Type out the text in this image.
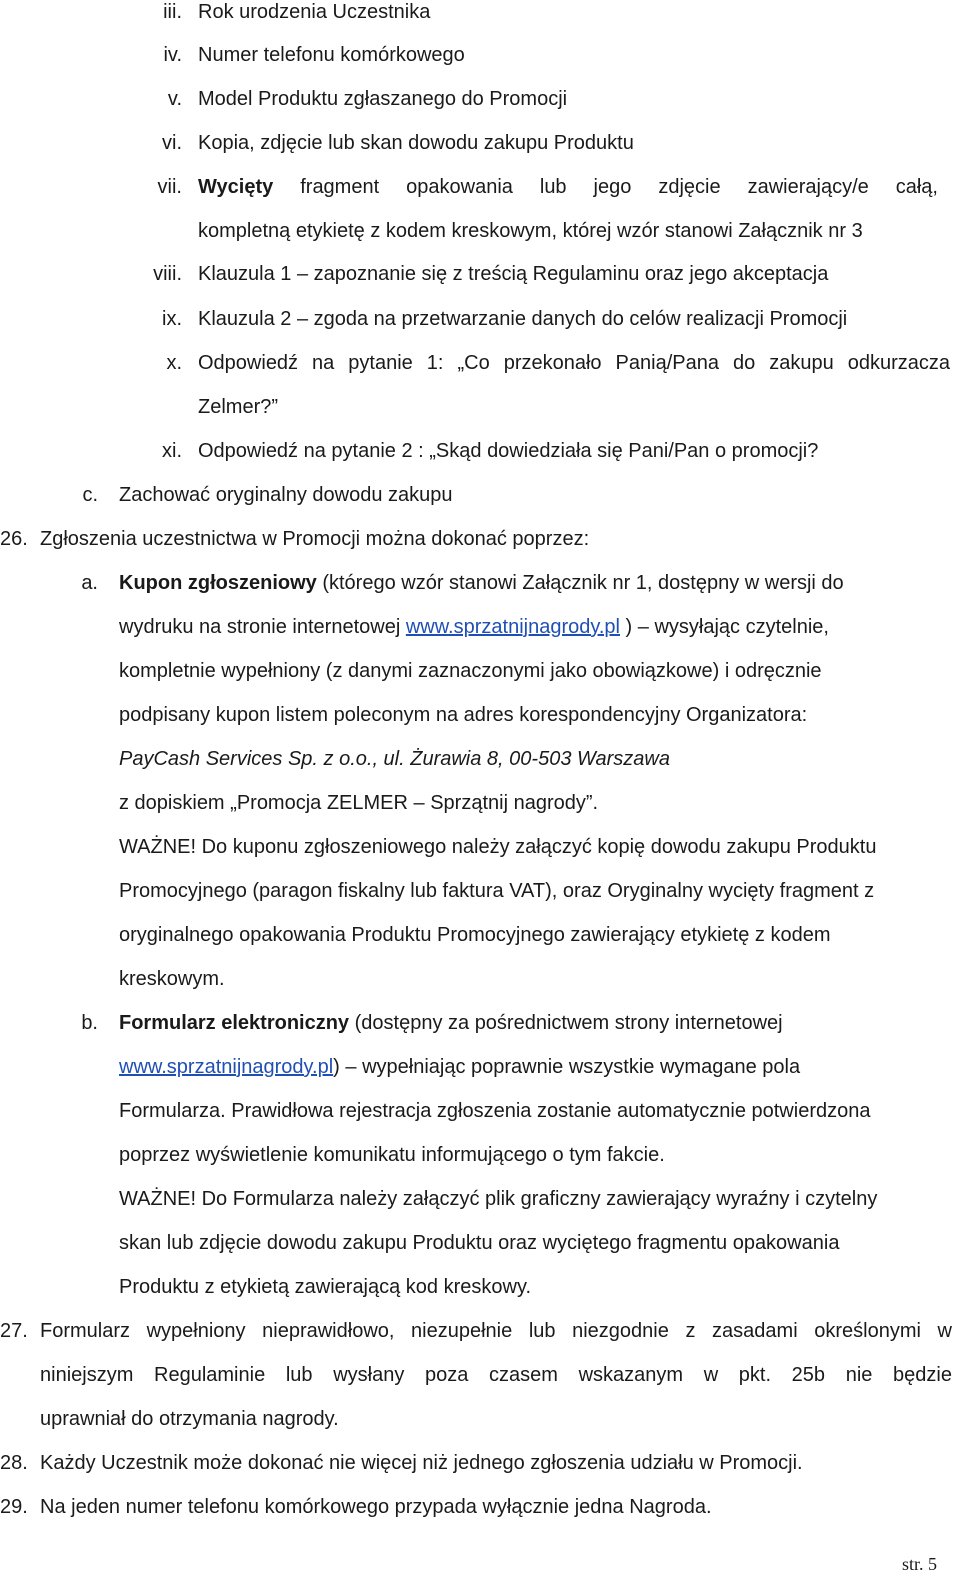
iii. Rok urodzenia Uczestnika
iv. Numer telefonu komórkowego
v. Model Produktu zgłaszanego do Promocji
vi. Kopia, zdjęcie lub skan dowodu zakupu Produktu
vii. Wycięty fragment opakowania lub jego zdjęcie zawierający/e całą,
kompletną etykietę z kodem kreskowym, której wzór stanowi Załącznik nr 3
viii. Klauzula 1 – zapoznanie się z treścią Regulaminu oraz jego akceptacja
ix. Klauzula 2 – zgoda na przetwarzanie danych do celów realizacji Promocji
x. Odpowiedź na pytanie 1: „Co przekonało Panią/Pana do zakupu odkurzacza
Zelmer?”
xi. Odpowiedź na pytanie 2 : „Skąd dowiedziała się Pani/Pan o promocji?
c. Zachować oryginalny dowodu zakupu
26. Zgłoszenia uczestnictwa w Promocji można dokonać poprzez:
a. Kupon zgłoszeniowy (którego wzór stanowi Załącznik nr 1, dostępny w wersji do
wydruku na stronie internetowej www.sprzatnijnagrody.pl ) – wysyłając czytelnie,
kompletnie wypełniony (z danymi zaznaczonymi jako obowiązkowe) i odręcznie
podpisany kupon listem poleconym na adres korespondencyjny Organizatora:
PayCash Services Sp. z o.o., ul. Żurawia 8, 00-503 Warszawa
z dopiskiem „Promocja ZELMER – Sprzątnij nagrody”.
WAŻNE! Do kuponu zgłoszeniowego należy załączyć kopię dowodu zakupu Produktu
Promocyjnego (paragon fiskalny lub faktura VAT), oraz Oryginalny wycięty fragment z
oryginalnego opakowania Produktu Promocyjnego zawierający etykietę z kodem
kreskowym.
b. Formularz elektroniczny (dostępny za pośrednictwem strony internetowej
www.sprzatnijnagrody.pl) – wypełniając poprawnie wszystkie wymagane pola
Formularza. Prawidłowa rejestracja zgłoszenia zostanie automatycznie potwierdzona
poprzez wyświetlenie komunikatu informującego o tym fakcie.
WAŻNE! Do Formularza należy załączyć plik graficzny zawierający wyraźny i czytelny
skan lub zdjęcie dowodu zakupu Produktu oraz wyciętego fragmentu opakowania
Produktu z etykietą zawierającą kod kreskowy.
27. Formularz wypełniony nieprawidłowo, niezupełnie lub niezgodnie z zasadami określonymi w
niniejszym Regulaminie lub wysłany poza czasem wskazanym w pkt. 25b nie będzie
uprawniał do otrzymania nagrody.
28. Każdy Uczestnik może dokonać nie więcej niż jednego zgłoszenia udziału w Promocji.
29. Na jeden numer telefonu komórkowego przypada wyłącznie jedna Nagroda.
str. 5
